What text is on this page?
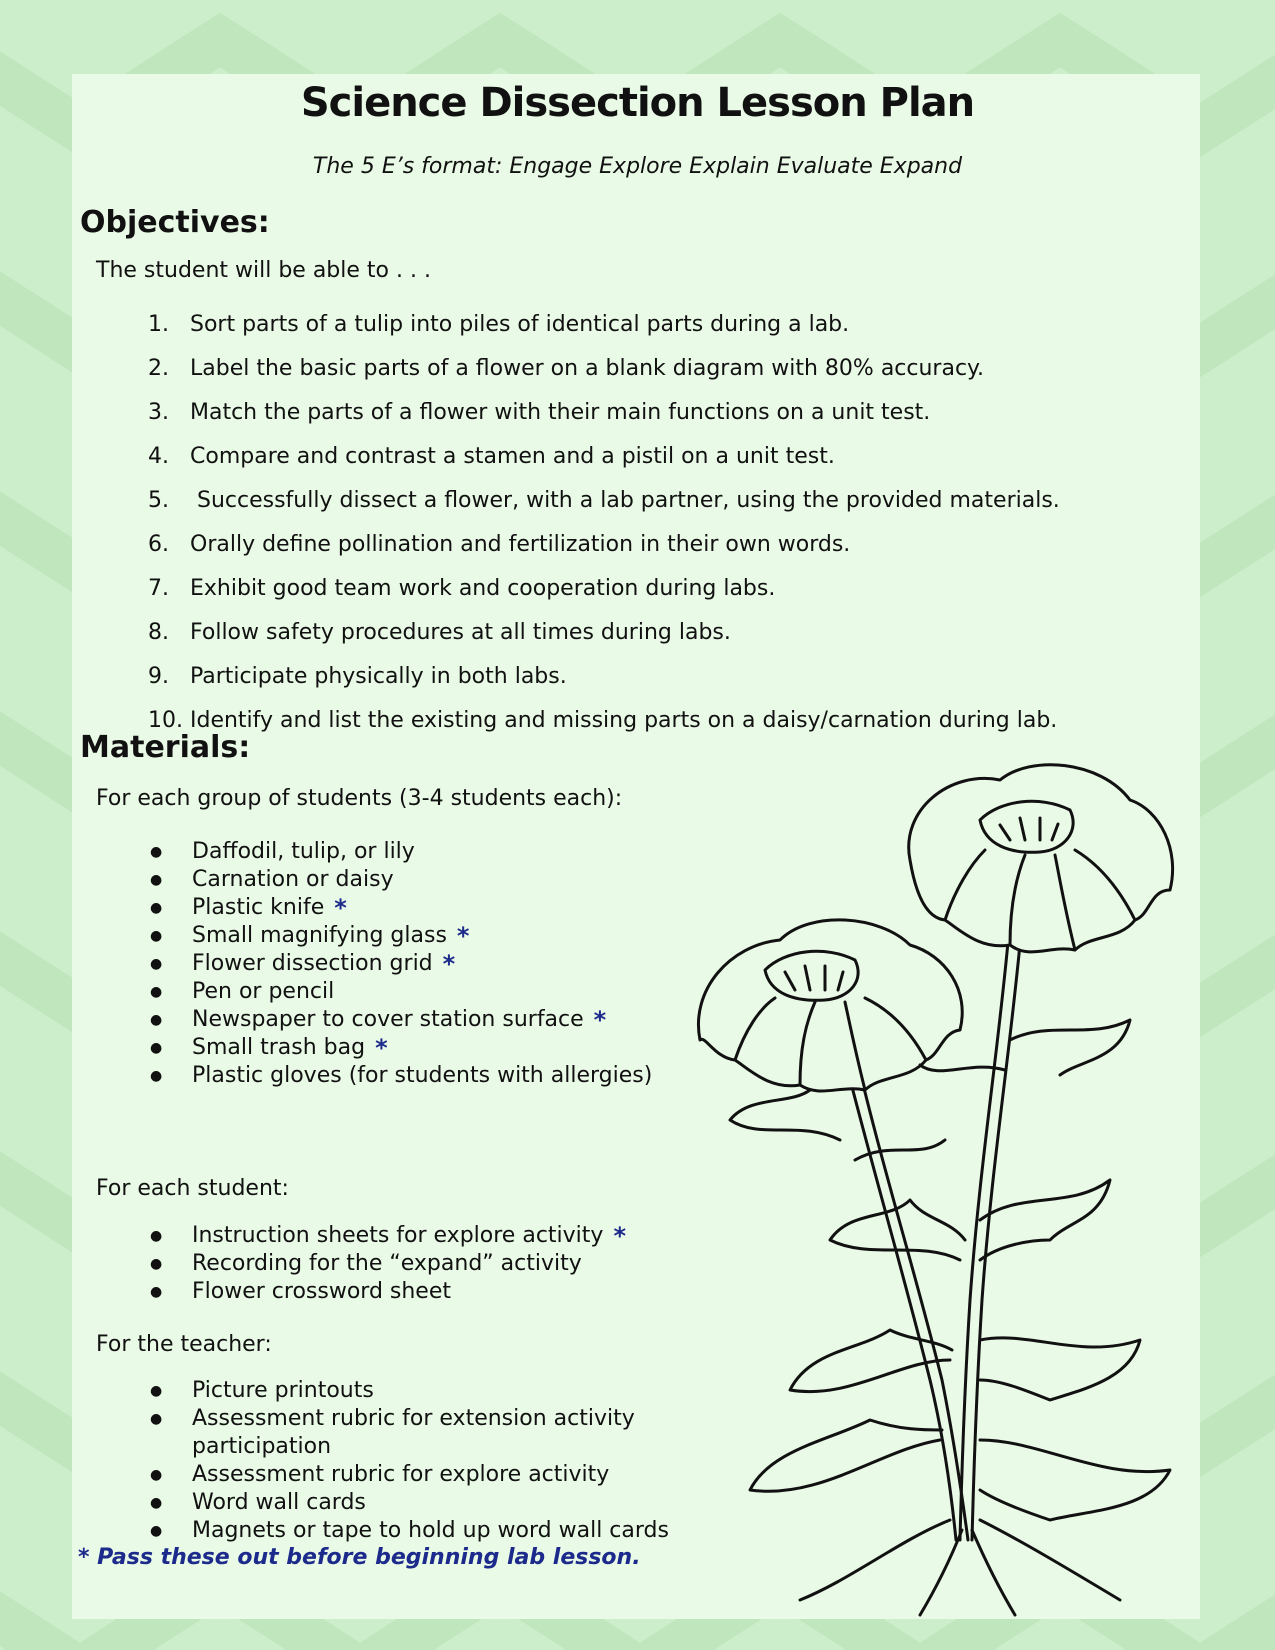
Science Dissection Lesson Plan
The 5 E’s format: Engage Explore Explain Evaluate Expand
Objectives:

The student will be able to . . .

1. Sort parts of a tulip into piles of identical parts during a lab.
2. Label the basic parts of a flower on a blank diagram with 80% accuracy.
3. Match the parts of a flower with their main functions on a unit test.
4. Compare and contrast a stamen and a pistil on a unit test.
5. Successfully dissect a flower, with a lab partner, using the provided materials.
6. Orally define pollination and fertilization in their own words.
7. Exhibit good team work and cooperation during labs.
8. Follow safety procedures at all times during labs.
9. Participate physically in both labs.
10. Identify and list the existing and missing parts on a daisy/carnation during lab.
Materials:

For each group of students (3-4 students each):

●	Daffodil, tulip, or lily
●	Carnation or daisy
●	Plastic knife *
●	Small magnifying glass *
●	Flower dissection grid *
●	Pen or pencil
●	Newspaper to cover station surface *
●	Small trash bag *
●	Plastic gloves (for students with allergies)

For each student:

●	Instruction sheets for explore activity *
●	Recording for the “expand” activity
●	Flower crossword sheet

For the teacher:

●	Picture printouts
●	Assessment rubric for extension activity participation
●	Assessment rubric for explore activity
●	Word wall cards
●	Magnets or tape to hold up word wall cards

* Pass these out before beginning lab lesson.
